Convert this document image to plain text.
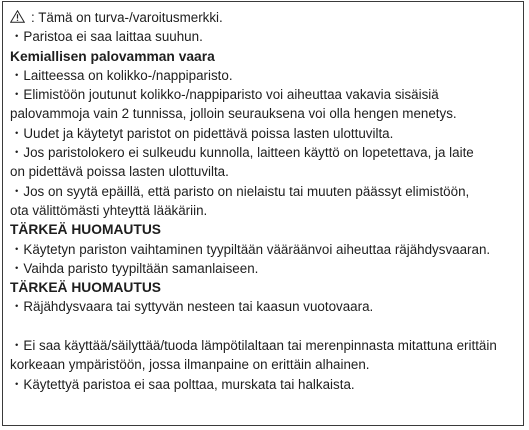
: Tämä on turva-/varoitusmerkki.
・Paristoa ei saa laittaa suuhun.
Kemiallisen palovamman vaara
・Laitteessa on kolikko-/nappiparisto.
・Elimistöön joutunut kolikko-/nappiparisto voi aiheuttaa vakavia sisäisiä
palovammoja vain 2 tunnissa, jolloin seurauksena voi olla hengen menetys.
・Uudet ja käytetyt paristot on pidettävä poissa lasten ulottuvilta.
・Jos paristolokero ei sulkeudu kunnolla, laitteen käyttö on lopetettava, ja laite
on pidettävä poissa lasten ulottuvilta.
・Jos on syytä epäillä, että paristo on nielaistu tai muuten päässyt elimistöön,
ota välittömästi yhteyttä lääkäriin.
TÄRKEÄ HUOMAUTUS
・Käytetyn pariston vaihtaminen tyypiltään vääräänvoi aiheuttaa räjähdysvaaran.
・Vaihda paristo tyypiltään samanlaiseen.
TÄRKEÄ HUOMAUTUS
・Räjähdysvaara tai syttyvän nesteen tai kaasun vuotovaara.
・Ei saa käyttää/säilyttää/tuoda lämpötilaltaan tai merenpinnasta mitattuna erittäin
korkeaan ympäristöön, jossa ilmanpaine on erittäin alhainen.
・Käytettyä paristoa ei saa polttaa, murskata tai halkaista.
